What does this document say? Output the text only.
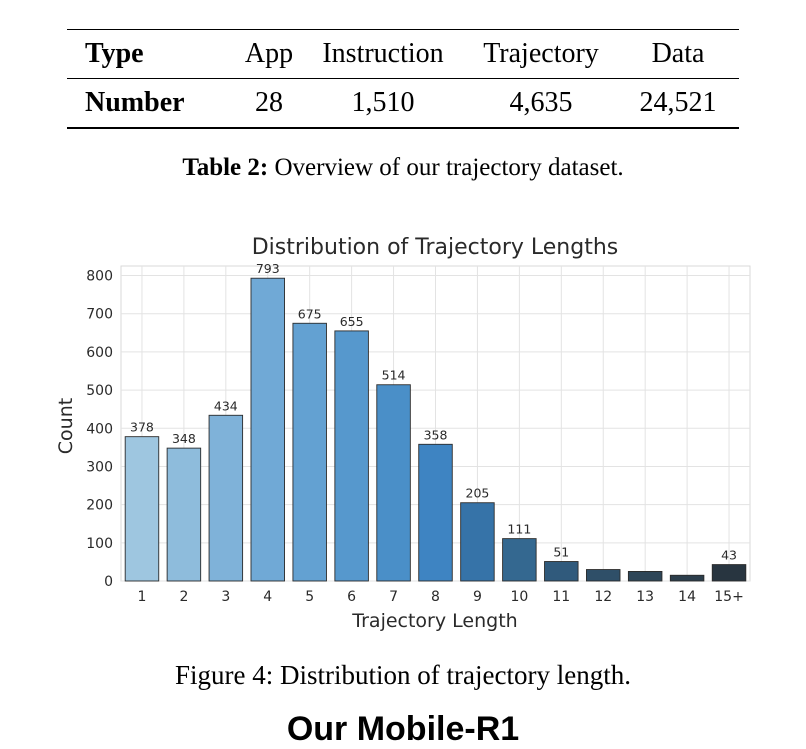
Type	App	Instruction	Trajectory	Data
Number	28	1,510	4,635	24,521
Table 2: Overview of our trajectory dataset.
Distribution of Trajectory Lengths
Count
Trajectory Length
0
100
200
300
400
500
600
700
800
1
378
2
348
3
434
4
793
5
675
6
655
7
514
8
358
9
205
10
111
11
51
12 13 14 15+
43
Figure 4: Distribution of trajectory length.
Our Mobile-R1
